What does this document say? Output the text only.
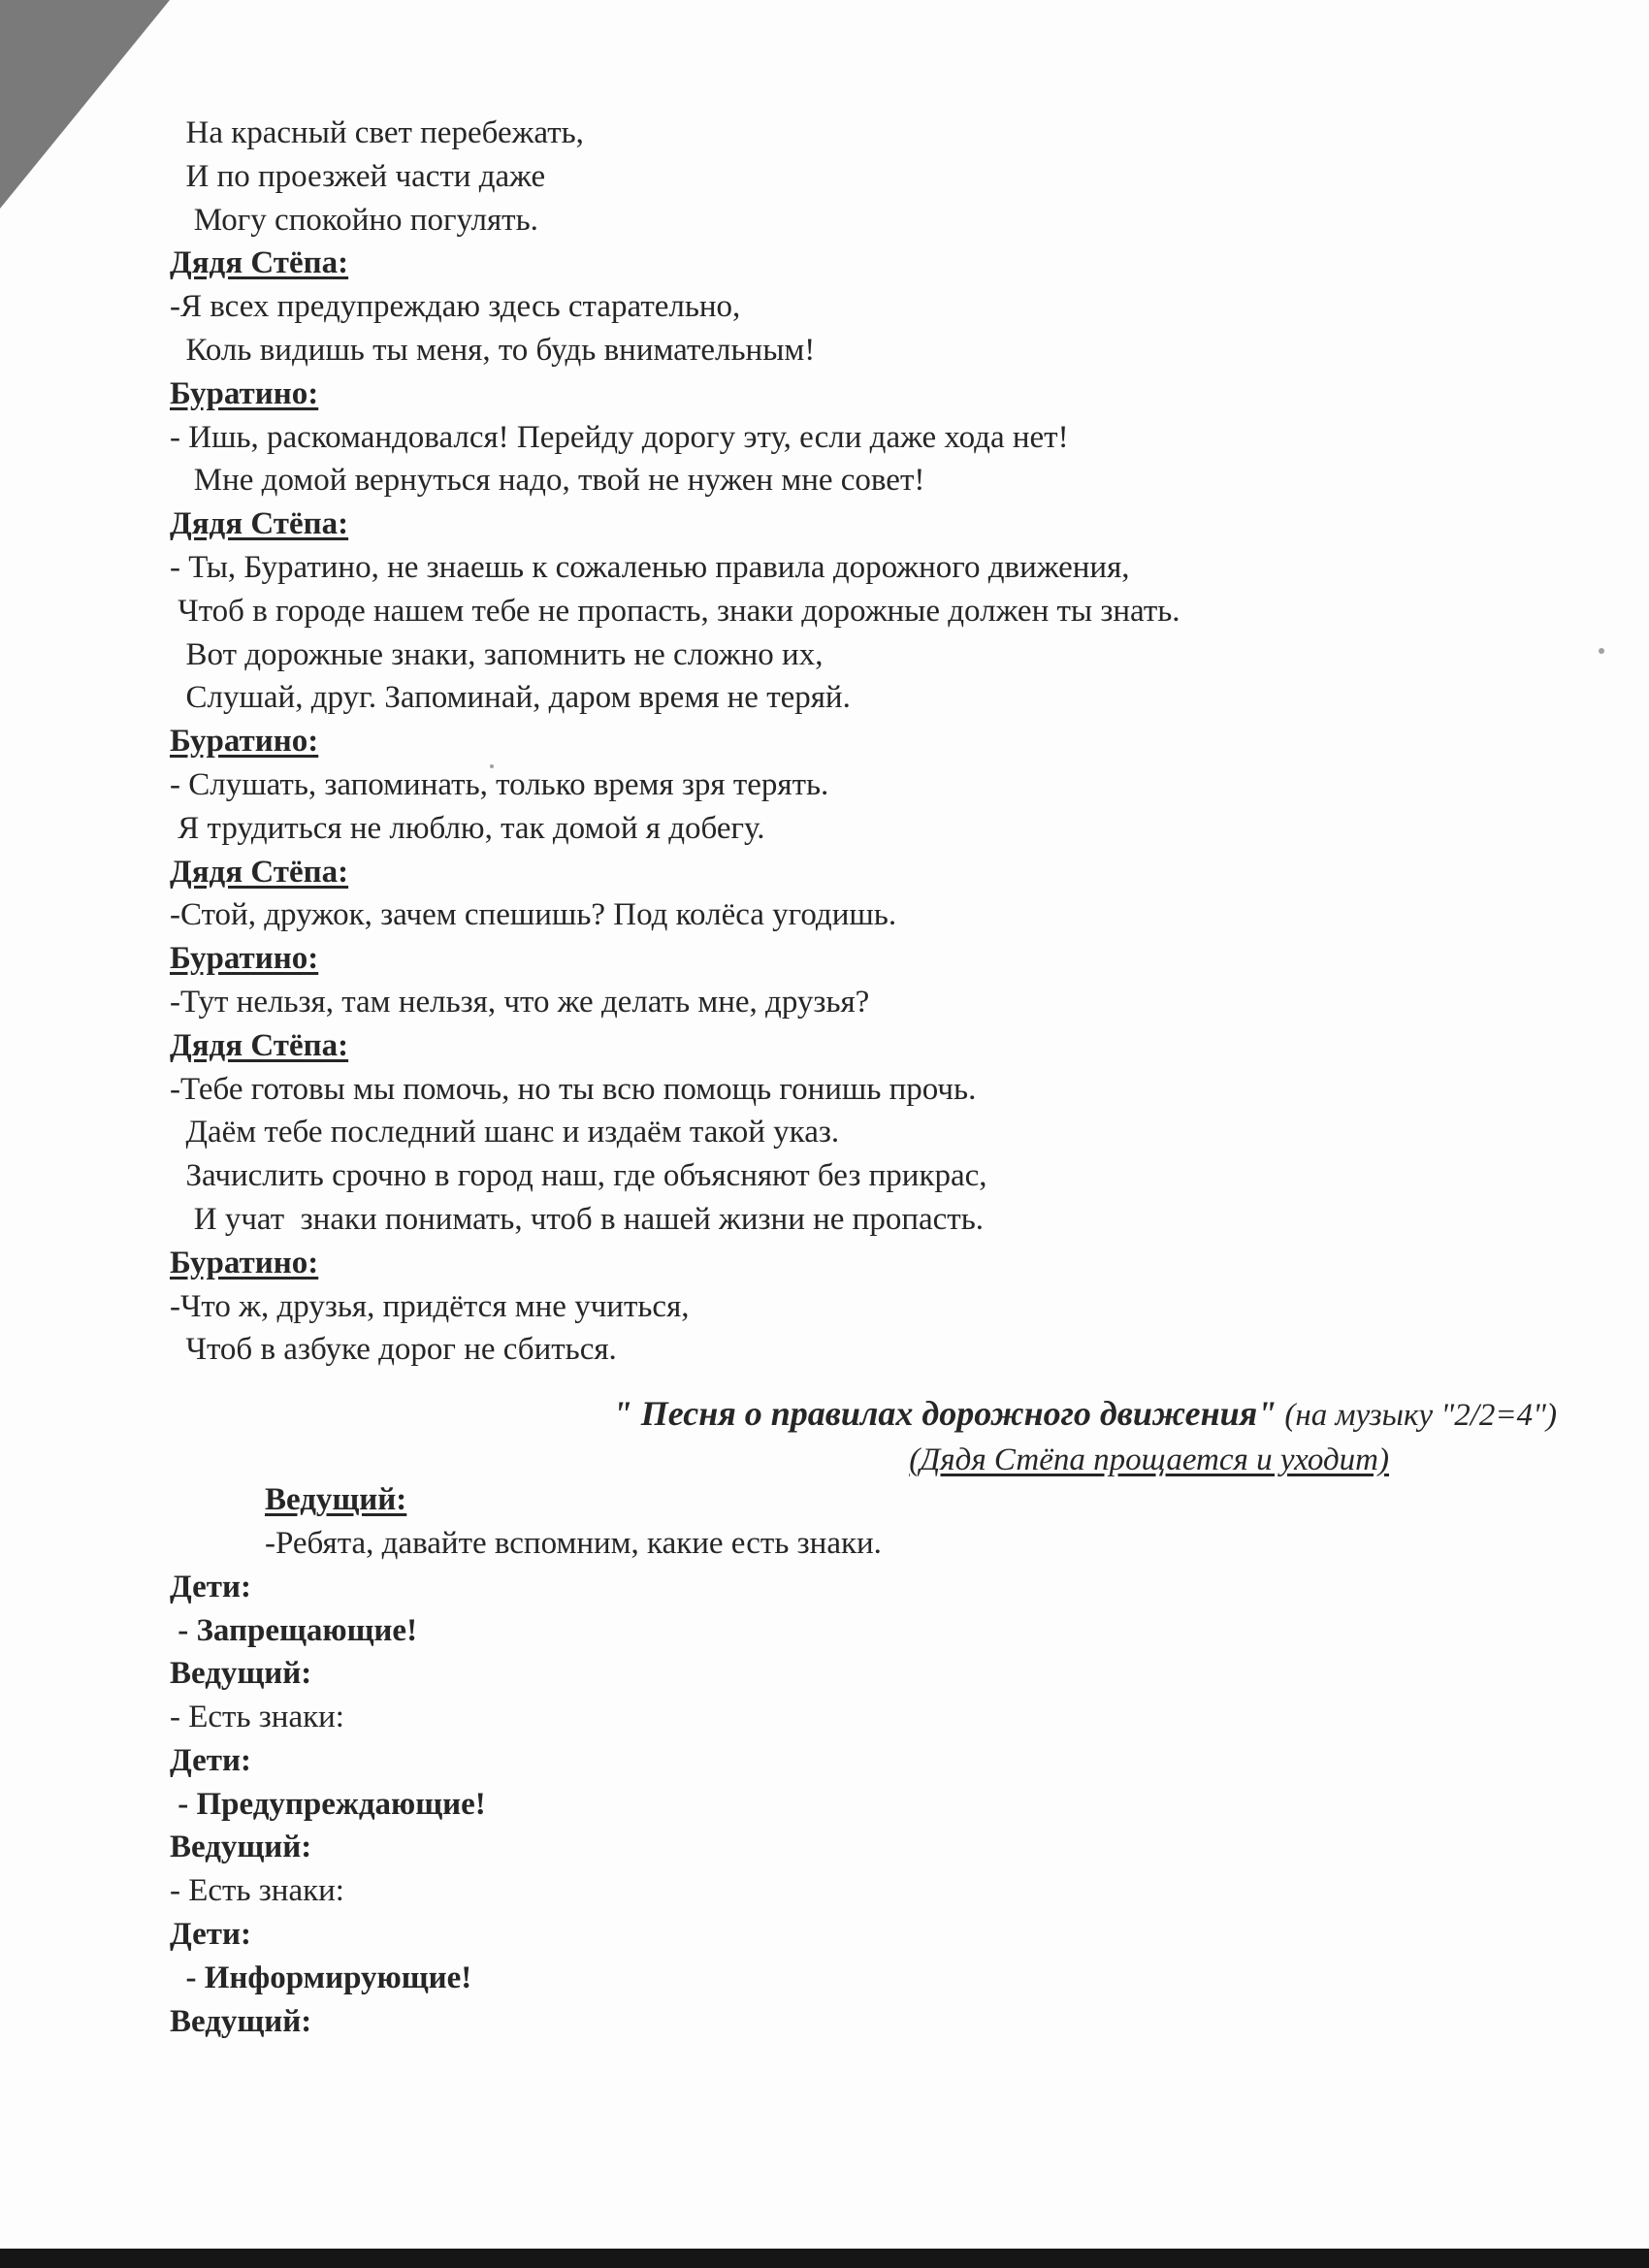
На красный свет перебежать,
И по проезжей части даже
Могу спокойно погулять.
Дядя Стёпа:
-Я всех предупреждаю здесь старательно,
Коль видишь ты меня, то будь внимательным!
Буратино:
- Ишь, раскомандовался! Перейду дорогу эту, если даже хода нет!
Мне домой вернуться надо, твой не нужен мне совет!
Дядя Стёпа:
- Ты, Буратино, не знаешь к сожаленью правила дорожного движения,
Чтоб в городе нашем тебе не пропасть, знаки дорожные должен ты знать.
Вот дорожные знаки, запомнить не сложно их,
Слушай, друг. Запоминай, даром время не теряй.
Буратино:
- Слушать, запоминать, только время зря терять.
Я трудиться не люблю, так домой я добегу.
Дядя Стёпа:
-Стой, дружок, зачем спешишь? Под колёса угодишь.
Буратино:
-Тут нельзя, там нельзя, что же делать мне, друзья?
Дядя Стёпа:
-Тебе готовы мы помочь, но ты всю помощь гонишь прочь.
Даём тебе последний шанс и издаём такой указ.
Зачислить срочно в город наш, где объясняют без прикрас,
И учат  знаки понимать, чтоб в нашей жизни не пропасть.
Буратино:
-Что ж, друзья, придётся мне учиться,
Чтоб в азбуке дорог не сбиться.
" Песня о правилах дорожного движения" (на музыку "2/2=4")
(Дядя Стёпа прощается и уходит)
Ведущий:
-Ребята, давайте вспомним, какие есть знаки.
Дети:
- Запрещающие!
Ведущий:
- Есть знаки:
Дети:
- Предупреждающие!
Ведущий:
- Есть знаки:
Дети:
- Информирующие!
Ведущий:
